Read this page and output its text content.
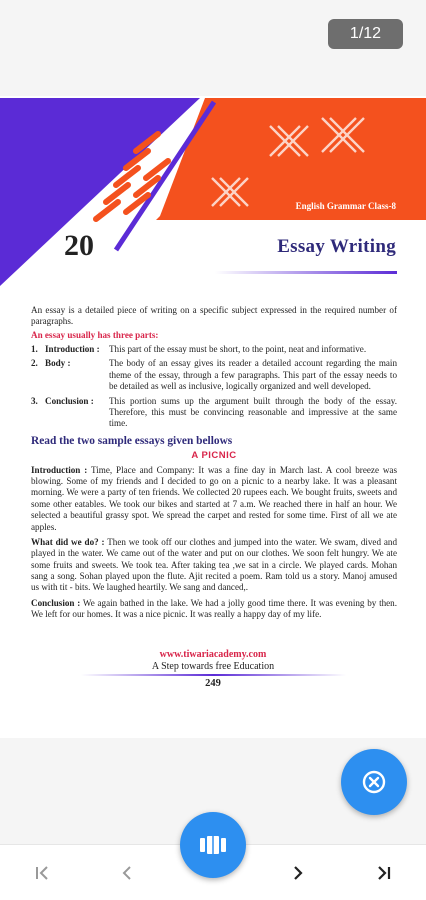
1/12
English Grammar Class-8
20	Essay Writing

An essay is a detailed piece of writing on a specific subject expressed in the required number of paragraphs.

An essay usually has three parts:
1. Introduction :	This part of the essay must be short, to the point, neat and informative.
2. Body :	The body of an essay gives its reader a detailed account regarding the main theme of the essay, through a few paragraphs. This part of the essay needs to be detailed as well as inclusive, logically organized and well developed.
3. Conclusion :	This portion sums up the argument built through the body of the essay. Therefore, this must be convincing reasonable and impressive at the same time.
Read the two sample essays given bellows
A PICNIC

Introduction : Time, Place and Company: It was a fine day in March last. A cool breeze was blowing. Some of my friends and I decided to go on a picnic to a nearby lake. It was a pleasant morning. We were a party of ten friends. We collected 20 rupees each. We bought fruits, sweets and some other eatables. We took our bikes and started at 7 a.m. We reached there in half an hour. We selected a beautiful grassy spot. We spread the carpet and rested for some time. First of all we ate apples.

What did we do? : Then we took off our clothes and jumped into the water. We swam, dived and played in the water. We came out of the water and put on our clothes. We soon felt hungry. We ate some fruits and sweets. We took tea. After taking tea ,we sat in a circle. We played cards. Mohan sang a song. Sohan played upon the flute. Ajit recited a poem. Ram told us a story. Manoj amused us with tit - bits. We laughed heartily. We sang and danced,.

Conclusion : We again bathed in the lake. We had a jolly good time there. It was evening by then. We left for our homes. It was a nice picnic. It was really a happy day of my life.

www.tiwariacademy.com
A Step towards free Education
249
